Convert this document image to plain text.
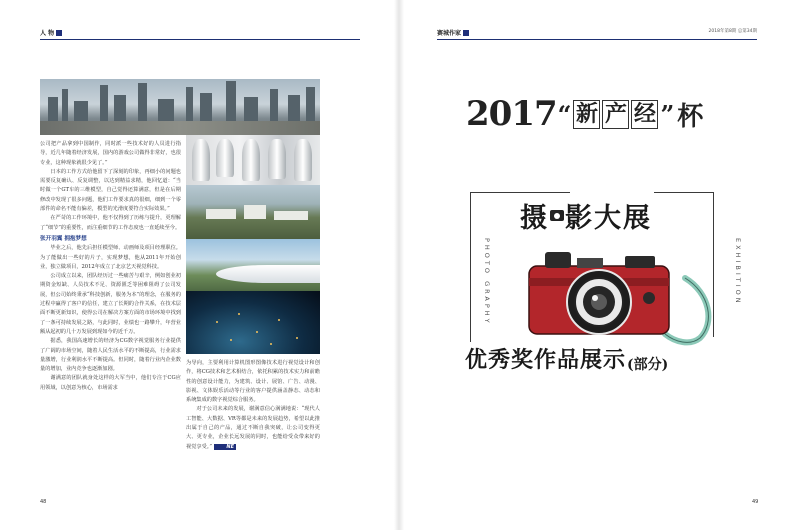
人 物	赛城作家	2018年第8期 总第34期

公司把产品拿到中国制作，同时派一些技术好的人员进行指导，近几年随着经济发展，国内的游戏公司做得非常好，也很专业，这种现象就很少见了。”

日本的工作方式给他留下了深刻的印象，再细小的问题也需要反复确认、反复调整，以达到精益求精，他回忆道：“当时做一个GT车的三维模型，自己觉得还算满意，但是在后期修改中发现了很多问题，他们工作要求真的很细，细到一个零部件的命名不能有偏差，模型的光滑度要符合实际效果。”

在严苛的工作环境中，他不仅得到了历练与提升，更理解了“细节”的重要性，而注重细节的工作态度也一直延续至今。

张开羽翼 拥抱梦想

毕业之后，他先后担任模型师、动画师及项目经理职位。为了能做出一些好的片子，实现梦想，他从2011年开始创业，独立做项目，2012年成立了北京艺天视觉科技。

公司成立以来，团队经历过一些痛苦与艰辛，例如创业初期资金短缺、人员技术不足、资源匮乏等困难阻碍了公司发展，但公司始终秉承“科技创新，服务为本”的理念，在服务的过程中赢得了客户的信任，建立了长期的合作关系，在技术层面不断更新知识，使得公司在解决方案方面的市场环境中找到了一条可持续发展之路，与此同时，业绩也一路攀升，年营业额从起初的几十万发展到现如今的近千万。

据悉，我国高速增长的经济为CG数字视觉服务行业提供了广阔的市场空间，随着人民生活水平的不断提高，行业需求量激增，行业利润水平不断提高。但同时，随着行业内企业数量的增加，业内竞争也逐渐加剧。

谢满意的团队就身处这样的大军当中，他们专注于CG应用领域，以创意为核心，市场需求

为导向，主要利用计算机图形图像技术进行视觉设计和创作，将CG技术和艺术相结合，依托积累的技术实力和前瞻性的创意设计能力，为建筑、设计、展馆、广告、动漫、影视、文体娱乐活动等行业的客户提供涵盖静态、动态和系统集成的数字视觉综合服务。

对于公司未来的发展，谢满意信心满满地说：“现代人工智能、大数据、VR等都是未来的发展趋势，希望以此推出属于自己的产品，通过不断自我突破，让公司变得更大、更专业，企业长远发展的同时，也能给受众带来好的视觉享受。”	NE

48	49
2017 “ 新 产 经 ” 杯
摄 影大展
PHOTO GRAPHY	EXHIBITION
优秀奖作品展示 (部分)
